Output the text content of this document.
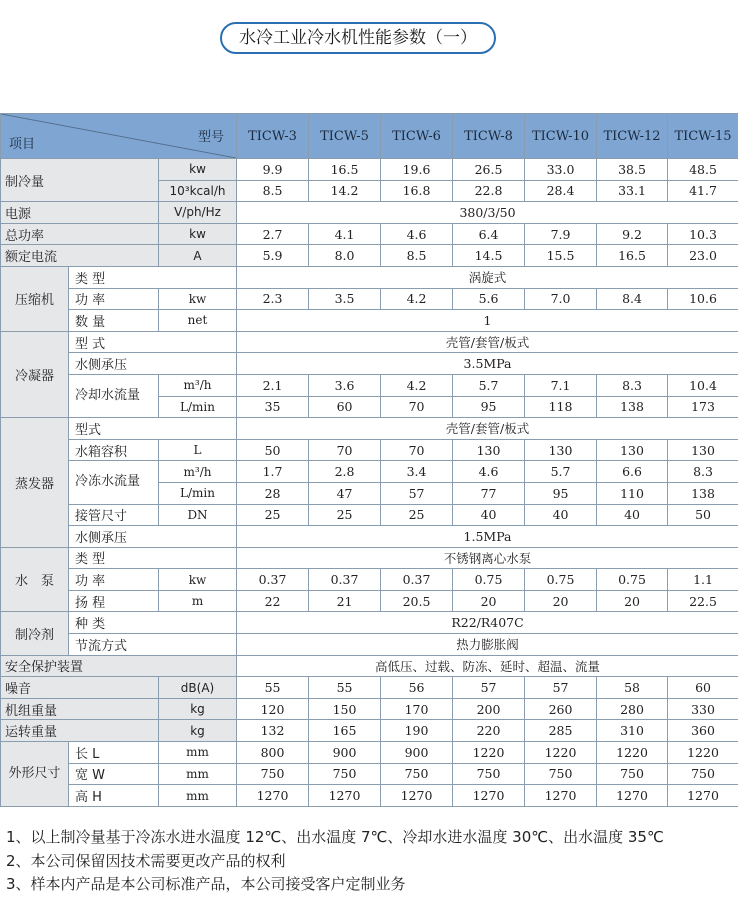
水冷工业冷水机性能参数（一）
项目 型号			TICW-3	TICW-5	TICW-6	TICW-8	TICW-10	TICW-12	TICW-15
制冷量		kw	9.9	16.5	19.6	26.5	33.0	38.5	48.5
		10³kcal/h	8.5	14.2	16.8	22.8	28.4	33.1	41.7
电源		V/ph/Hz	380/3/50						
总功率		kw	2.7	4.1	4.6	6.4	7.9	9.2	10.3
额定电流		A	5.9	8.0	8.5	14.5	15.5	16.5	23.0
压缩机	类 型		涡旋式						
	功 率	kw	2.3	3.5	4.2	5.6	7.0	8.4	10.6
	数 量	net	1						
冷凝器	型 式		壳管/套管/板式						
	水侧承压		3.5MPa						
	冷却水流量	m³/h	2.1	3.6	4.2	5.7	7.1	8.3	10.4
		L/min	35	60	70	95	118	138	173
蒸发器	型式		壳管/套管/板式						
	水箱容积	L	50	70	70	130	130	130	130
	冷冻水流量	m³/h	1.7	2.8	3.4	4.6	5.7	6.6	8.3
		L/min	28	47	57	77	95	110	138
	接管尺寸	DN	25	25	25	40	40	40	50
	水侧承压		1.5MPa						
水　泵	类 型		不锈钢离心水泵						
	功 率	kw	0.37	0.37	0.37	0.75	0.75	0.75	1.1
	扬 程	m	22	21	20.5	20	20	20	22.5
制冷剂	种 类		R22/R407C						
	节流方式		热力膨胀阀						
安全保护装置			高低压、过载、防冻、延时、超温、流量						
噪音		dB(A)	55	55	56	57	57	58	60
机组重量		kg	120	150	170	200	260	280	330
运转重量		kg	132	165	190	220	285	310	360
外形尺寸	长 L	mm	800	900	900	1220	1220	1220	1220
	宽 W	mm	750	750	750	750	750	750	750
	高 H	mm	1270	1270	1270	1270	1270	1270	1270
1、以上制冷量基于冷冻水进水温度 12℃、出水温度 7℃、冷却水进水温度 30℃、出水温度 35℃
2、本公司保留因技术需要更改产品的权利
3、样本内产品是本公司标准产品，本公司接受客户定制业务
